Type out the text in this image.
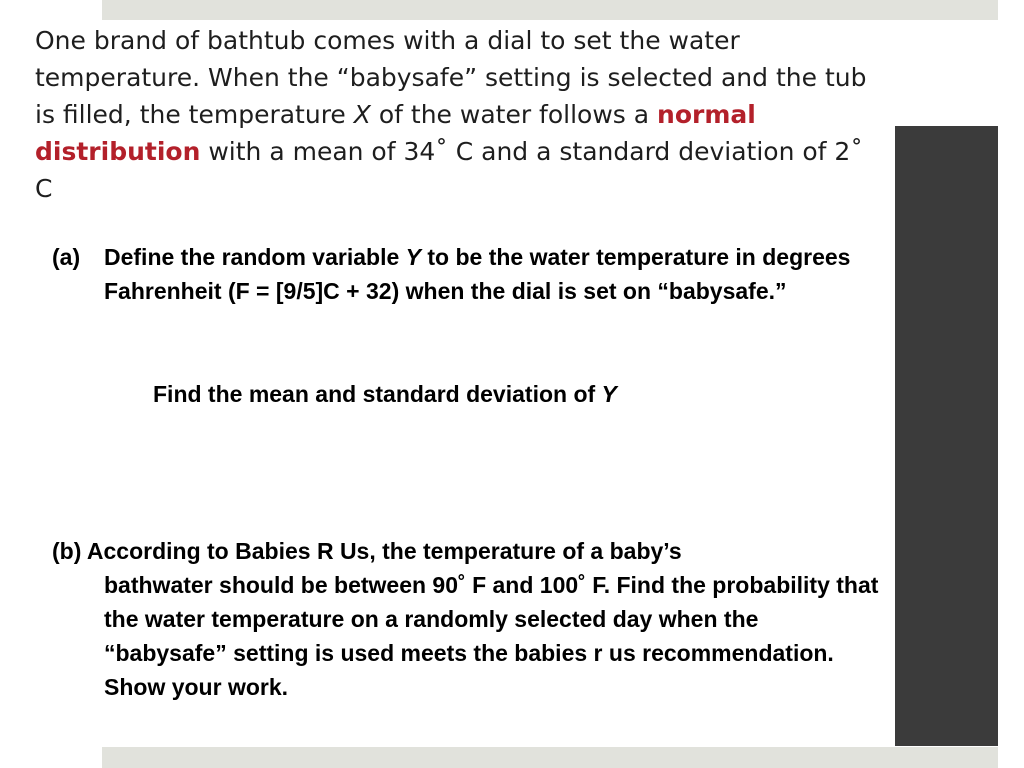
One brand of bathtub comes with a dial to set the water temperature. When the “babysafe” setting is selected and the tub is filled, the temperature X of the water follows a normal distribution with a mean of 34˚ C and a standard deviation of 2˚ C

(a) Define the random variable Y to be the water temperature in degrees Fahrenheit (F = [9/5]C + 32) when the dial is set on “babysafe.”

Find the mean and standard deviation of Y

(b) According to Babies R Us, the temperature of a baby’s
bathwater should be between 90˚ F and 100˚ F. Find the probability that the water temperature on a randomly selected day when the “babysafe” setting is used meets the babies r us recommendation. Show your work.
